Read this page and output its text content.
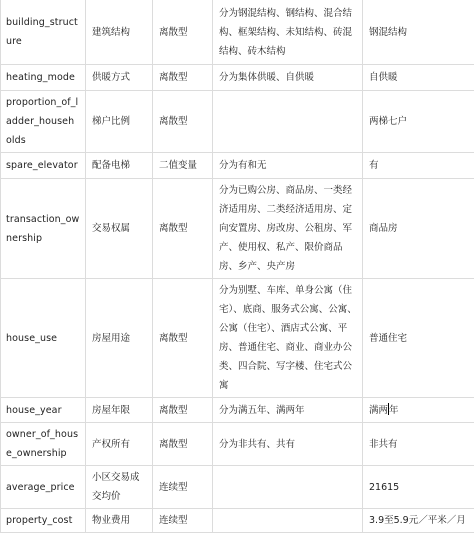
building_structure	建筑结构	离散型	分为钢混结构、钢结构、混合结构、框架结构、未知结构、砖混结构、砖木结构	钢混结构
heating_mode	供暖方式	离散型	分为集体供暖、自供暖	自供暖
proportion_of_ladder_households	梯户比例	离散型		两梯七户
spare_elevator	配备电梯	二值变量	分为有和无	有
transaction_ownership	交易权属	离散型	分为已购公房、商品房、一类经济适用房、二类经济适用房、定向安置房、房改房、公租房、军产、使用权、私产、限价商品房、乡产、央产房	商品房
house_use	房屋用途	离散型	分为别墅、车库、单身公寓（住宅）、底商、服务式公寓、公寓、公寓（住宅）、酒店式公寓、平房、普通住宅、商业、商业办公类、四合院、写字楼、住宅式公寓	普通住宅
house_year	房屋年限	离散型	分为满五年、满两年	满两年
owner_of_house_ownership	产权所有	离散型	分为非共有、共有	非共有
average_price	小区交易成交均价	连续型		21615
property_cost	物业费用	连续型		3.9至5.9元／平米／月
